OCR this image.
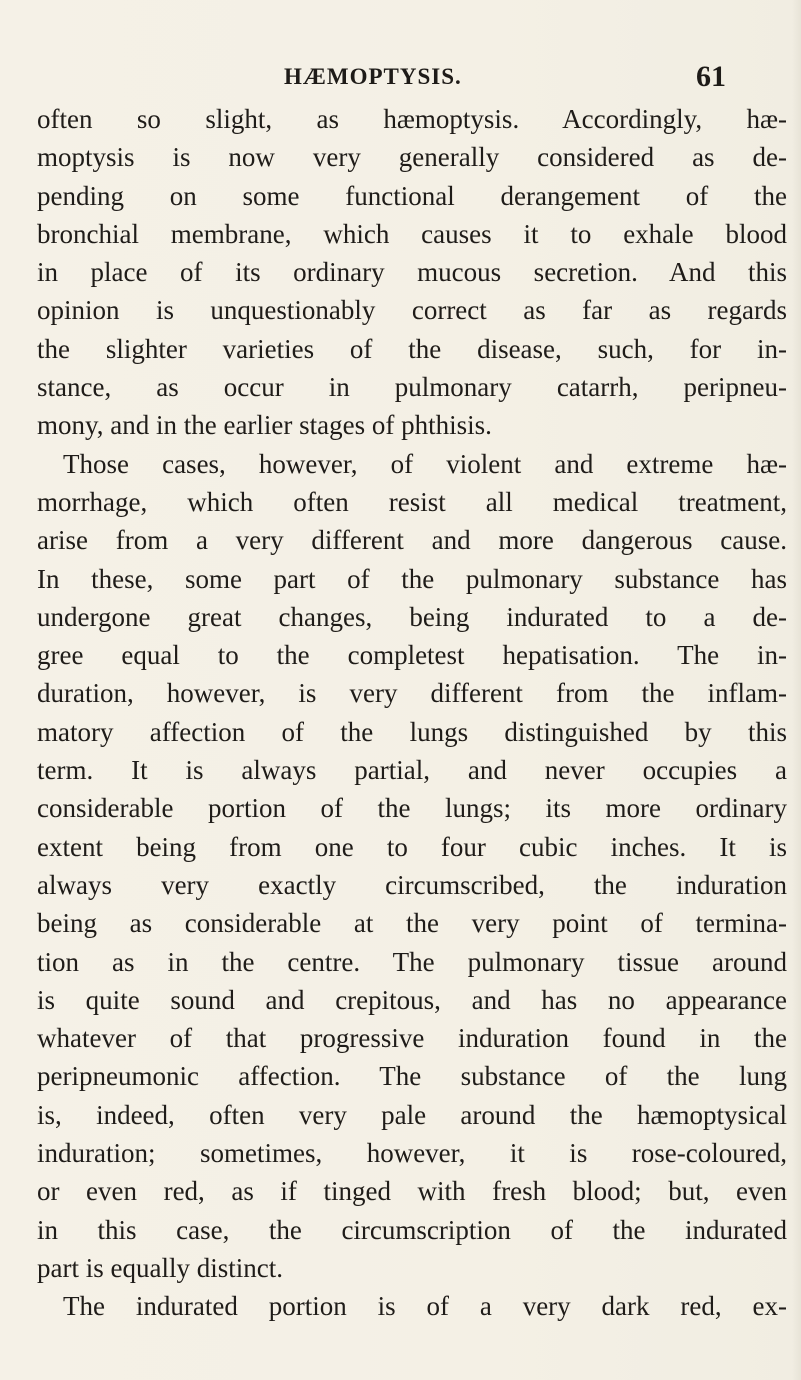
HÆMOPTYSIS.	61
often so slight, as hæmoptysis. Accordingly, hæ-
moptysis is now very generally considered as de-
pending on some functional derangement of the
bronchial membrane, which causes it to exhale blood
in place of its ordinary mucous secretion. And this
opinion is unquestionably correct as far as regards
the slighter varieties of the disease, such, for in-
stance, as occur in pulmonary catarrh, peripneu-
mony, and in the earlier stages of phthisis.
Those cases, however, of violent and extreme hæ-
morrhage, which often resist all medical treatment,
arise from a very different and more dangerous cause.
In these, some part of the pulmonary substance has
undergone great changes, being indurated to a de-
gree equal to the completest hepatisation. The in-
duration, however, is very different from the inflam-
matory affection of the lungs distinguished by this
term. It is always partial, and never occupies a
considerable portion of the lungs; its more ordinary
extent being from one to four cubic inches. It is
always very exactly circumscribed, the induration
being as considerable at the very point of termina-
tion as in the centre. The pulmonary tissue around
is quite sound and crepitous, and has no appearance
whatever of that progressive induration found in the
peripneumonic affection. The substance of the lung
is, indeed, often very pale around the hæmoptysical
induration; sometimes, however, it is rose-coloured,
or even red, as if tinged with fresh blood; but, even
in this case, the circumscription of the indurated
part is equally distinct.
The indurated portion is of a very dark red, ex-
